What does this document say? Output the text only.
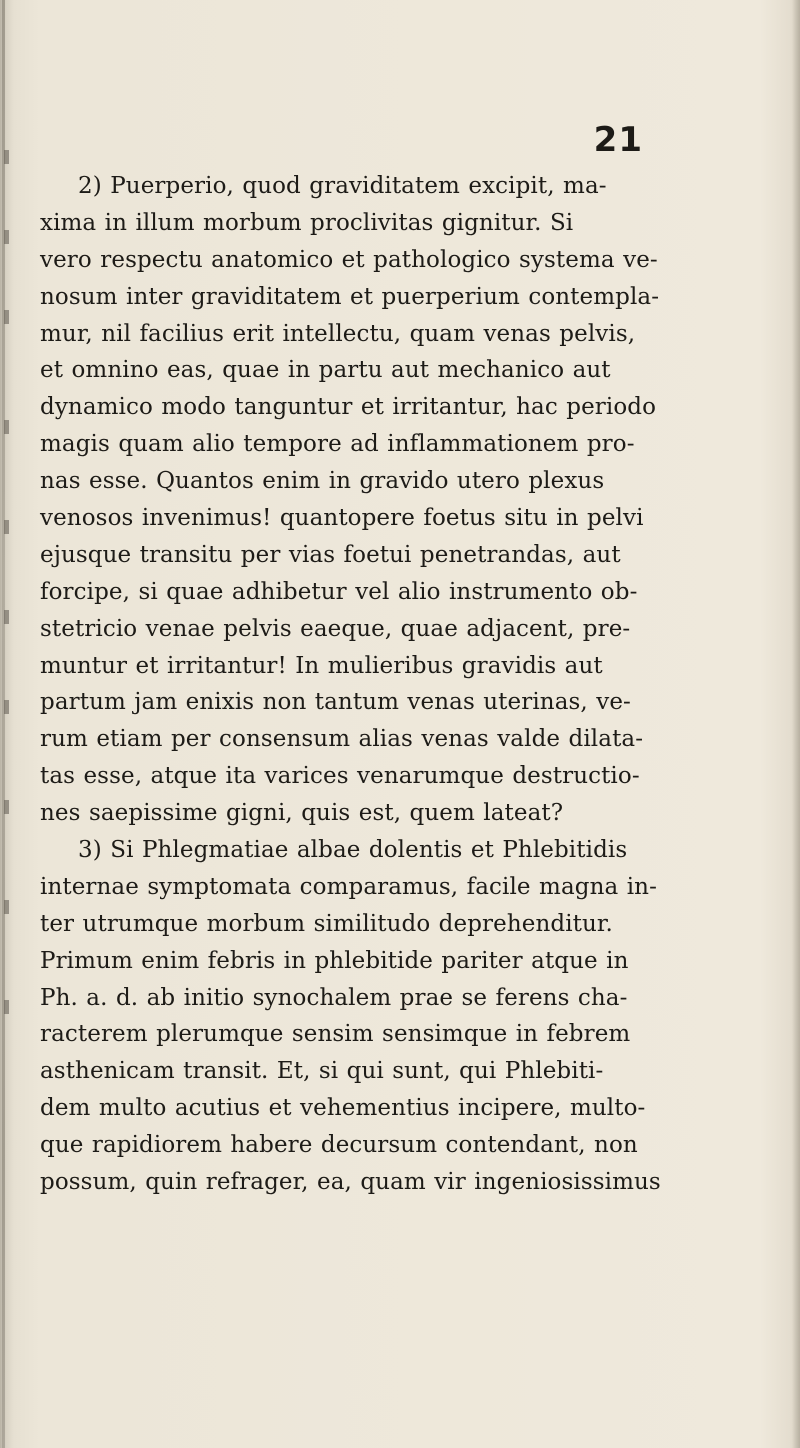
21
2) Puerperio, quod graviditatem excipit, ma-
xima in illum morbum proclivitas gignitur. Si
vero respectu anatomico et pathologico systema ve-
nosum inter graviditatem et puerperium contempla-
mur, nil facilius erit intellectu, quam venas pelvis,
et omnino eas, quae in partu aut mechanico aut
dynamico modo tanguntur et irritantur, hac periodo
magis quam alio tempore ad inflammationem pro-
nas esse. Quantos enim in gravido utero plexus
venosos invenimus! quantopere foetus situ in pelvi
ejusque transitu per vias foetui penetrandas, aut
forcipe, si quae adhibetur vel alio instrumento ob-
stetricio venae pelvis eaeque, quae adjacent, pre-
muntur et irritantur! In mulieribus gravidis aut
partum jam enixis non tantum venas uterinas, ve-
rum etiam per consensum alias venas valde dilata-
tas esse, atque ita varices venarumque destructio-
nes saepissime gigni, quis est, quem lateat?
3) Si Phlegmatiae albae dolentis et Phlebitidis
internae symptomata comparamus, facile magna in-
ter utrumque morbum similitudo deprehenditur.
Primum enim febris in phlebitide pariter atque in
Ph. a. d. ab initio synochalem prae se ferens cha-
racterem plerumque sensim sensimque in febrem
asthenicam transit. Et, si qui sunt, qui Phlebiti-
dem multo acutius et vehementius incipere, multo-
que rapidiorem habere decursum contendant, non
possum, quin refrager, ea, quam vir ingeniosissimus
